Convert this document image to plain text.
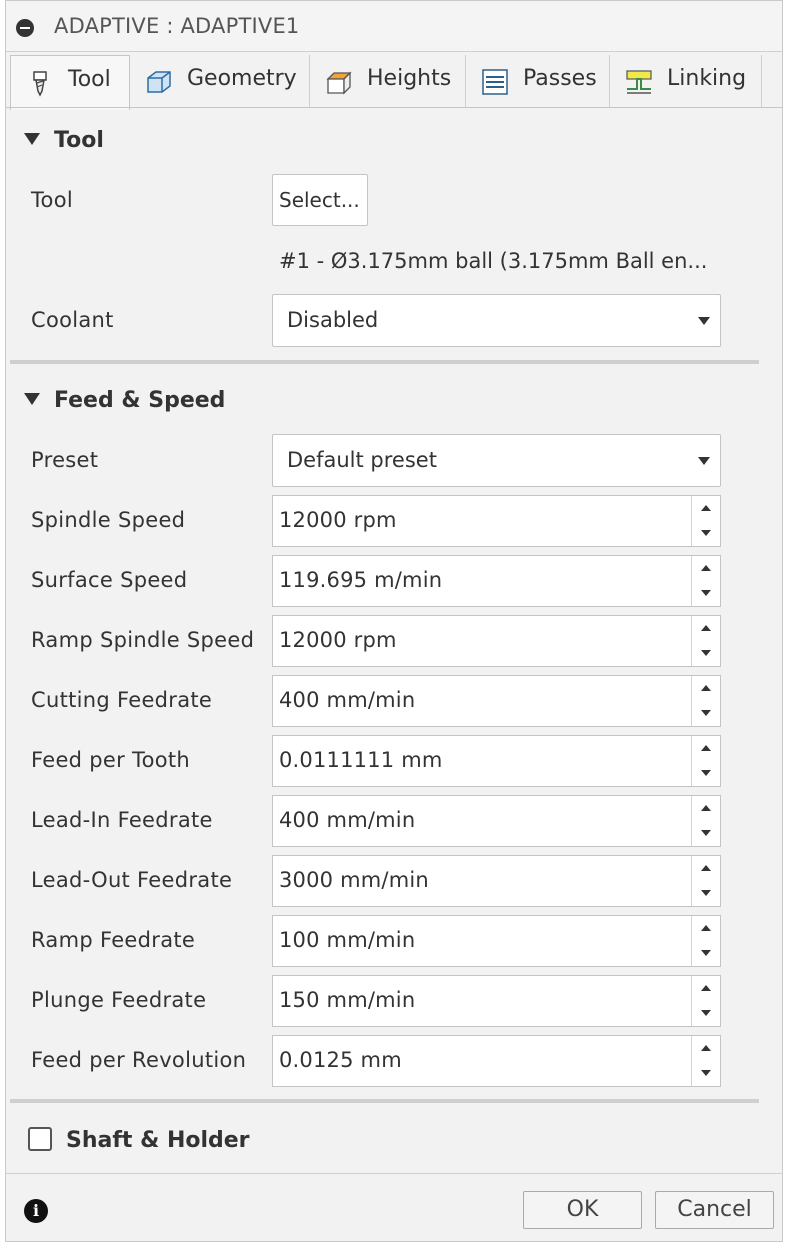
ADAPTIVE : ADAPTIVE1
Tool	Geometry	Heights	Passes	Linking
Tool
Tool	Select...
#1 - Ø3.175mm ball (3.175mm Ball en...
Coolant	Disabled
Feed & Speed
Preset	Default preset
Spindle Speed	12000 rpm
Surface Speed	119.695 m/min
Ramp Spindle Speed 12000 rpm
Cutting Feedrate	400 mm/min
Feed per Tooth	0.0111111 mm
Lead-In Feedrate	400 mm/min
Lead-Out Feedrate 3000 mm/min
Ramp Feedrate	100 mm/min
Plunge Feedrate	150 mm/min
Feed per Revolution 0.0125 mm
Shaft & Holder
i	OK	Cancel
